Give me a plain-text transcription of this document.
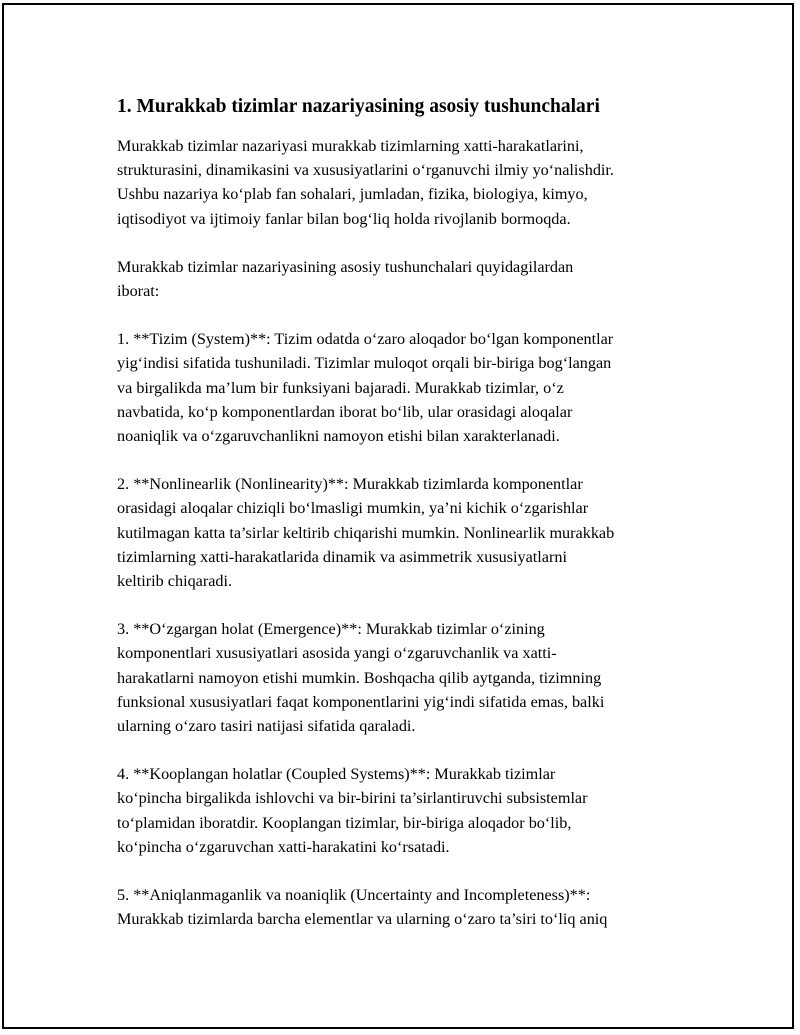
1. Murakkab tizimlar nazariyasining asosiy tushunchalari

Murakkab tizimlar nazariyasi murakkab tizimlarning xatti-harakatlarini,
strukturasini, dinamikasini va xususiyatlarini o‘rganuvchi ilmiy yo‘nalishdir.
Ushbu nazariya ko‘plab fan sohalari, jumladan, fizika, biologiya, kimyo,
iqtisodiyot va ijtimoiy fanlar bilan bog‘liq holda rivojlanib bormoqda.

Murakkab tizimlar nazariyasining asosiy tushunchalari quyidagilardan
iborat:

1. **Tizim (System)**: Tizim odatda o‘zaro aloqador bo‘lgan komponentlar
yig‘indisi sifatida tushuniladi. Tizimlar muloqot orqali bir-biriga bog‘langan
va birgalikda ma’lum bir funksiyani bajaradi. Murakkab tizimlar, o‘z
navbatida, ko‘p komponentlardan iborat bo‘lib, ular orasidagi aloqalar
noaniqlik va o‘zgaruvchanlikni namoyon etishi bilan xarakterlanadi.

2. **Nonlinearlik (Nonlinearity)**: Murakkab tizimlarda komponentlar
orasidagi aloqalar chiziqli bo‘lmasligi mumkin, ya’ni kichik o‘zgarishlar
kutilmagan katta ta’sirlar keltirib chiqarishi mumkin. Nonlinearlik murakkab
tizimlarning xatti-harakatlarida dinamik va asimmetrik xususiyatlarni
keltirib chiqaradi.

3. **O‘zgargan holat (Emergence)**: Murakkab tizimlar o‘zining
komponentlari xususiyatlari asosida yangi o‘zgaruvchanlik va xatti-
harakatlarni namoyon etishi mumkin. Boshqacha qilib aytganda, tizimning
funksional xususiyatlari faqat komponentlarini yig‘indi sifatida emas, balki
ularning o‘zaro tasiri natijasi sifatida qaraladi.

4. **Kooplangan holatlar (Coupled Systems)**: Murakkab tizimlar
ko‘pincha birgalikda ishlovchi va bir-birini ta’sirlantiruvchi subsistemlar
to‘plamidan iboratdir. Kooplangan tizimlar, bir-biriga aloqador bo‘lib,
ko‘pincha o‘zgaruvchan xatti-harakatini ko‘rsatadi.

5. **Aniqlanmaganlik va noaniqlik (Uncertainty and Incompleteness)**:
Murakkab tizimlarda barcha elementlar va ularning o‘zaro ta’siri to‘liq aniq
